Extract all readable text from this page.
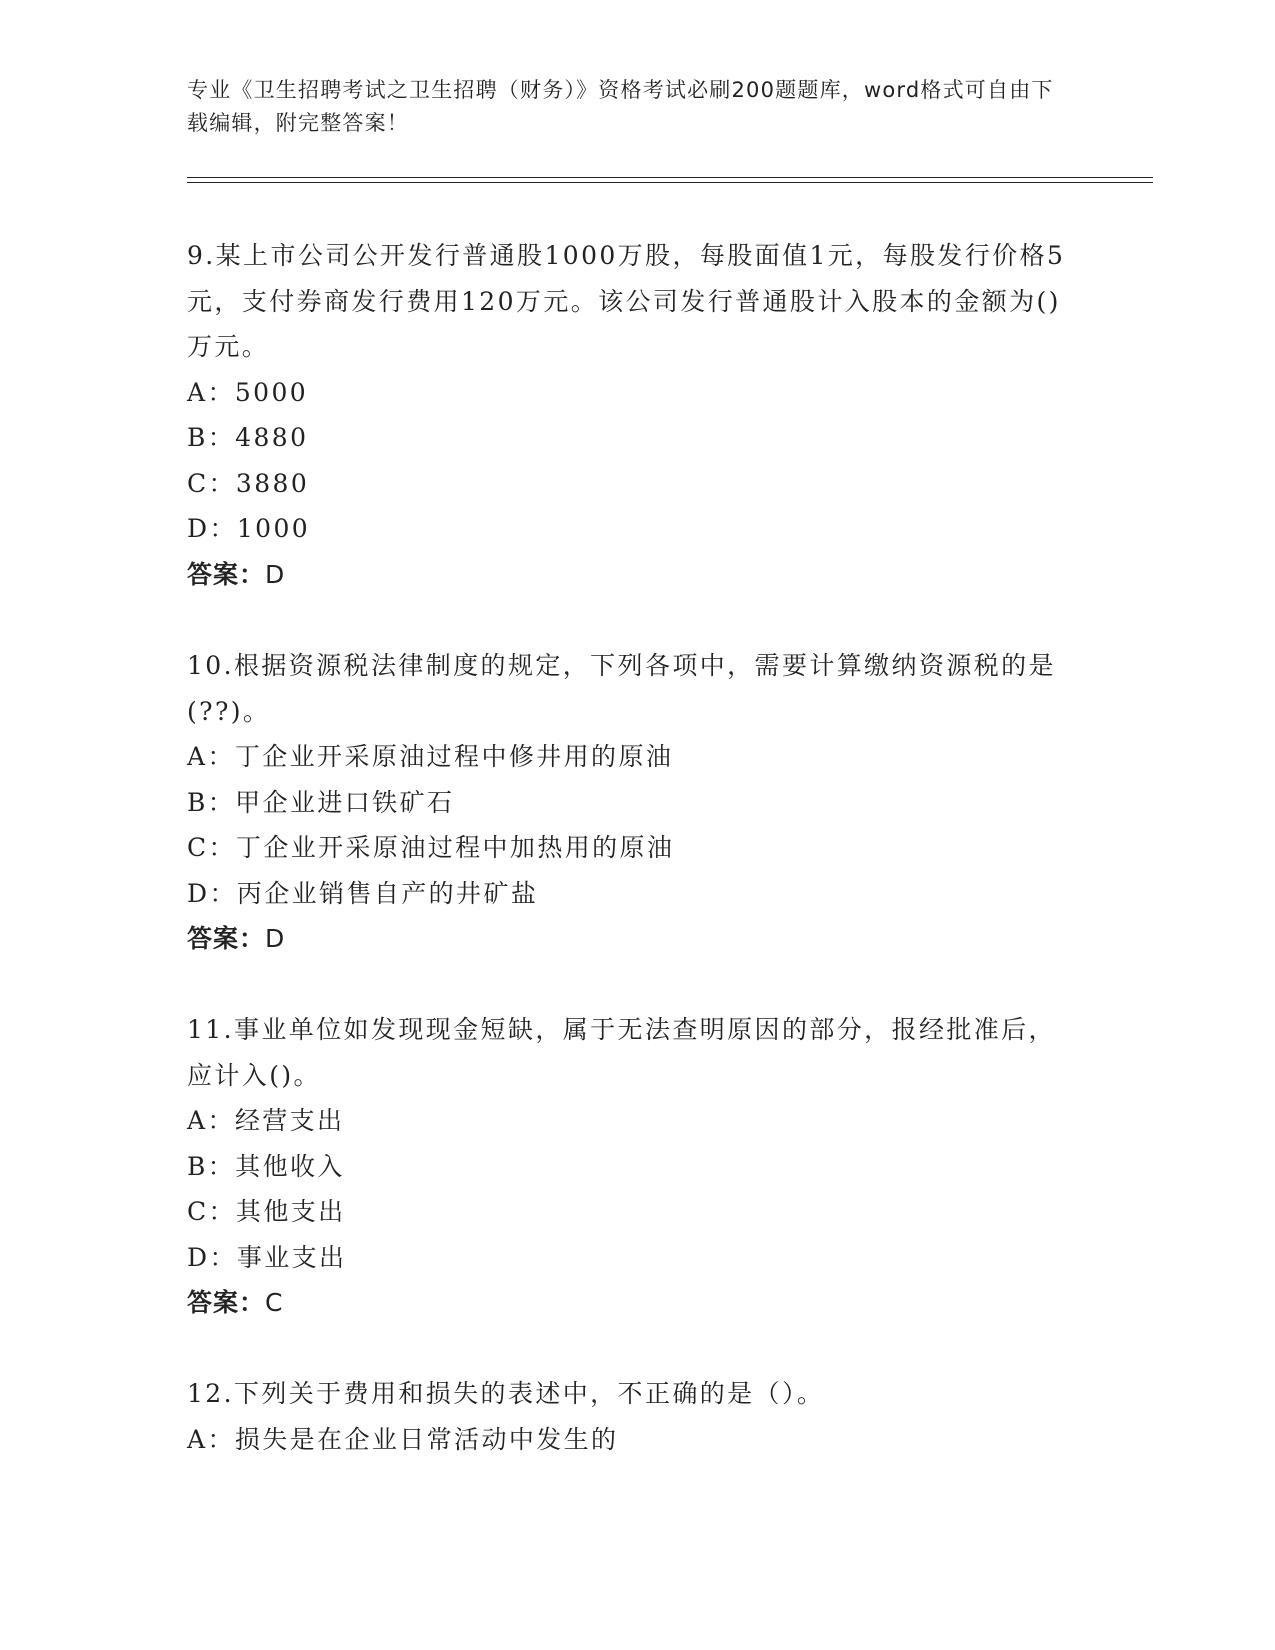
专业《卫生招聘考试之卫生招聘（财务）》资格考试必刷200题题库，word格式可自由下载编辑，附完整答案！

9.某上市公司公开发行普通股1000万股，每股面值1元，每股发行价格5元，支付券商发行费用120万元。该公司发行普通股计入股本的金额为()万元。

A：5000

B：4880

C：3880

D：1000

答案：D

10.根据资源税法律制度的规定，下列各项中，需要计算缴纳资源税的是(??)。

A：丁企业开采原油过程中修井用的原油

B：甲企业进口铁矿石

C：丁企业开采原油过程中加热用的原油

D：丙企业销售自产的井矿盐

答案：D

11.事业单位如发现现金短缺，属于无法查明原因的部分，报经批准后，应计入()。

A：经营支出

B：其他收入

C：其他支出

D：事业支出

答案：C

12.下列关于费用和损失的表述中，不正确的是（）。

A：损失是在企业日常活动中发生的
